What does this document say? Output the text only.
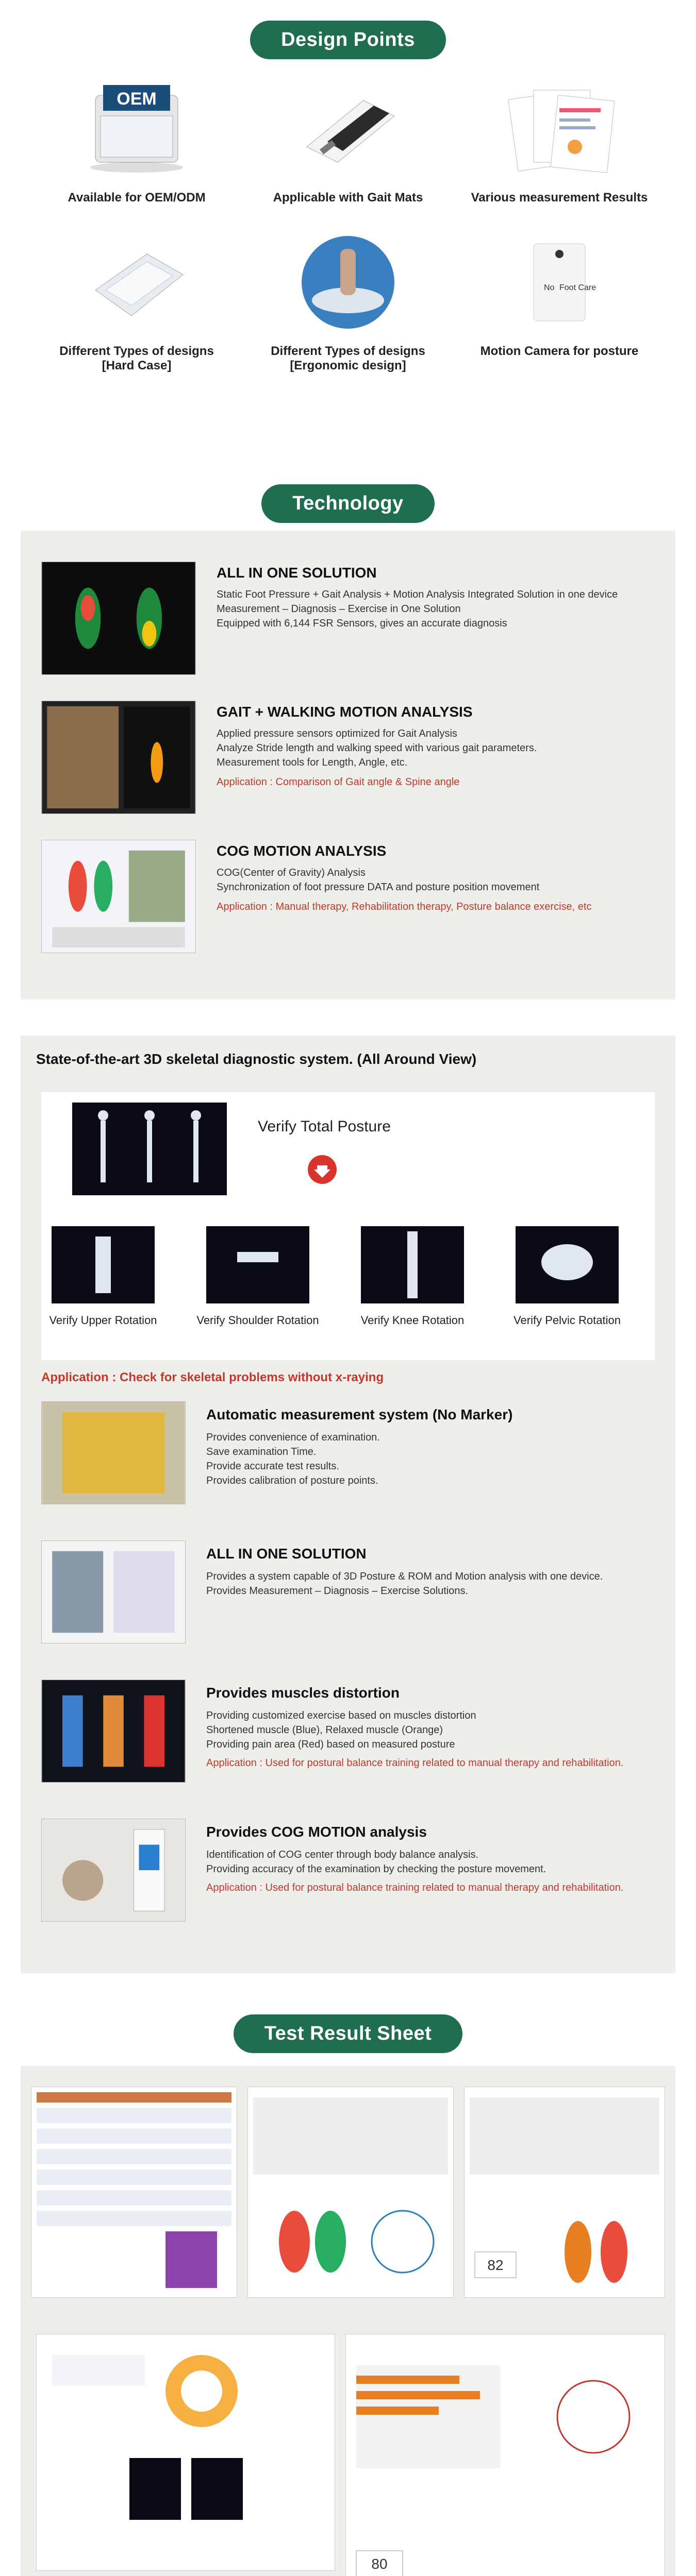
Design Points
OEM
Available for OEM/ODM	Applicable with Gait Mats	Various measurement Results
Different Types of designs
[Hard Case]
Different Types of designs
[Ergonomic design]
No Foot Care
Motion Camera for posture
Technology
ALL IN ONE SOLUTION

Static Foot Pressure + Gait Analysis + Motion Analysis Integrated Solution in one device

Measurement – Diagnosis – Exercise in One Solution

Equipped with 6,144 FSR Sensors, gives an accurate diagnosis

GAIT + WALKING MOTION ANALYSIS

Applied pressure sensors optimized for Gait Analysis

Analyze Stride length and walking speed with various gait parameters.

Measurement tools for Length, Angle, etc.

Application : Comparison of Gait angle & Spine angle

COG MOTION ANALYSIS

COG(Center of Gravity) Analysis

Synchronization of foot pressure DATA and posture position movement

Application : Manual therapy, Rehabilitation therapy, Posture balance exercise, etc

State-of-the-art 3D skeletal diagnostic system. (All Around View)
Verify Total Posture
Verify Upper Rotation	Verify Shoulder Rotation	Verify Knee Rotation	Verify Pelvic Rotation
Application : Check for skeletal problems without x-raying
Automatic measurement system (No Marker)

Provides convenience of examination.

Save examination Time.

Provide accurate test results.

Provides calibration of posture points.

ALL IN ONE SOLUTION

Provides a system capable of 3D Posture & ROM and Motion analysis with one device.

Provides Measurement – Diagnosis – Exercise Solutions.

Provides muscles distortion

Providing customized exercise based on muscles distortion

Shortened muscle (Blue), Relaxed muscle (Orange)

Providing pain area (Red) based on measured posture

Application : Used for postural balance training related to manual therapy and rehabilitation.

Provides COG MOTION analysis

Identification of COG center through body balance analysis.

Providing accuracy of the examination by checking the posture movement.

Application : Used for postural balance training related to manual therapy and rehabilitation.

Test Result Sheet
82
80
